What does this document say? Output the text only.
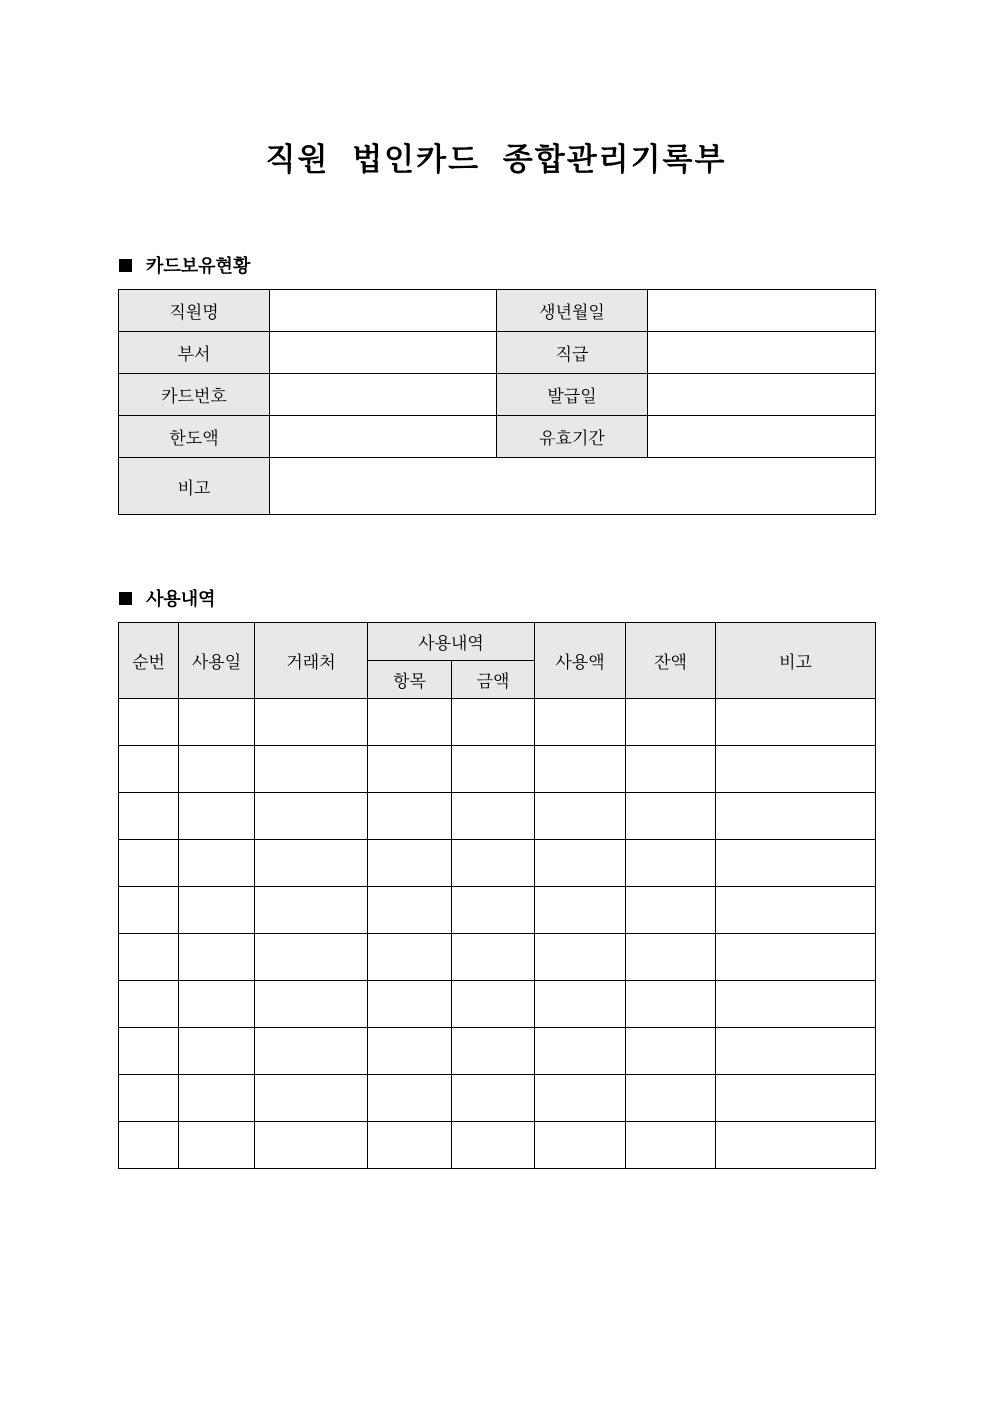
직원 법인카드 종합관리기록부
카드보유현황
직원명		생년월일	
부서		직급	
카드번호		발급일	
한도액		유효기간	
비고			
사용내역
순번	사용일	거래처	사용내역		사용액	잔액	비고
			항목	금액			
